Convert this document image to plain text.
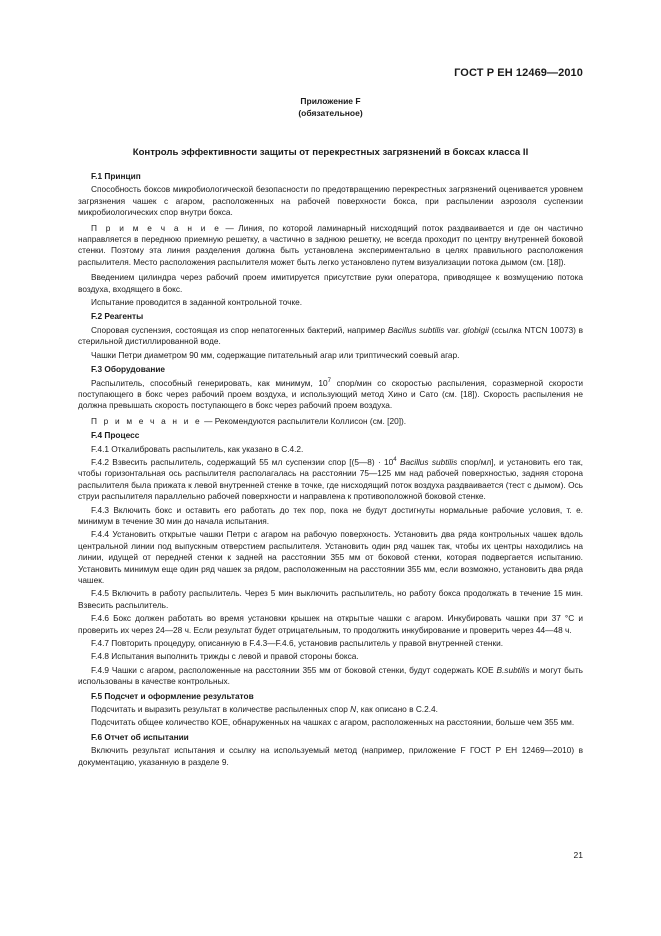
ГОСТ Р ЕН 12469—2010
Приложение F
(обязательное)
Контроль эффективности защиты от перекрестных загрязнений в боксах класса II
F.1 Принцип

Способность боксов микробиологической безопасности по предотвращению перекрестных загрязнений оценивается уровнем загрязнения чашек с агаром, расположенных на рабочей поверхности бокса, при распылении аэрозоля суспензии микробиологических спор внутри бокса.

П р и м е ч а н и е — Линия, по которой ламинарный нисходящий поток раздваивается и где он частично направляется в переднюю приемную решетку, а частично в заднюю решетку, не всегда проходит по центру внутренней боковой стенки. Поэтому эта линия разделения должна быть установлена экспериментально в целях правильного расположения распылителя. Место расположения распылителя может быть легко установлено путем визуализации потока дымом (см. [18]).

Введением цилиндра через рабочий проем имитируется присутствие руки оператора, приводящее к возмущению потока воздуха, входящего в бокс.

Испытание проводится в заданной контрольной точке.

F.2 Реагенты

Споровая суспензия, состоящая из спор непатогенных бактерий, например Bacillus subtilis var. globigii (ссылка NTCN 10073) в стерильной дистиллированной воде.

Чашки Петри диаметром 90 мм, содержащие питательный агар или триптический соевый агар.

F.3 Оборудование

Распылитель, способный генерировать, как минимум, $10^7$ спор/мин со скоростью распыления, соразмерной скорости поступающего в бокс через рабочий проем воздуха, и использующий метод Хино и Сато (см. [18]). Скорость распыления не должна превышать скорость поступающего в бокс через рабочий проем воздуха.

П р и м е ч а н и е — Рекомендуются распылители Коллисон (см. [20]).

F.4 Процесс

F.4.1 Откалибровать распылитель, как указано в С.4.2.

F.4.2 Взвесить распылитель, содержащий 55 мл суспензии спор [(5—8) · $10^4$ Bacillus subtilis спор/мл], и установить его так, чтобы горизонтальная ось распылителя располагалась на расстоянии 75—125 мм над рабочей поверхностью, задняя сторона распылителя была прижата к левой внутренней стенке в точке, где нисходящий поток воздуха раздваивается (тест с дымом). Ось струи распылителя параллельно рабочей поверхности и направлена к противоположной боковой стенке.

F.4.3 Включить бокс и оставить его работать до тех пор, пока не будут достигнуты нормальные рабочие условия, т. е. минимум в течение 30 мин до начала испытания.

F.4.4 Установить открытые чашки Петри с агаром на рабочую поверхность. Установить два ряда контрольных чашек вдоль центральной линии под выпускным отверстием распылителя. Установить один ряд чашек так, чтобы их центры находились на линии, идущей от передней стенки к задней на расстоянии 355 мм от боковой стенки, которая подвергается испытанию. Установить минимум еще один ряд чашек за рядом, расположенным на расстоянии 355 мм, если возможно, установить два ряда чашек.

F.4.5 Включить в работу распылитель. Через 5 мин выключить распылитель, но работу бокса продолжать в течение 15 мин. Взвесить распылитель.

F.4.6 Бокс должен работать во время установки крышек на открытые чашки с агаром. Инкубировать чашки при 37 °С и проверить их через 24—28 ч. Если результат будет отрицательным, то продолжить инкубирование и проверить через 44—48 ч.

F.4.7 Повторить процедуру, описанную в F.4.3—F.4.6, установив распылитель у правой внутренней стенки.

F.4.8 Испытания выполнить трижды с левой и правой стороны бокса.

F.4.9 Чашки с агаром, расположенные на расстоянии 355 мм от боковой стенки, будут содержать КОЕ B.subtilis и могут быть использованы в качестве контрольных.

F.5 Подсчет и оформление результатов

Подсчитать и выразить результат в количестве распыленных спор N, как описано в С.2.4.

Подсчитать общее количество КОЕ, обнаруженных на чашках с агаром, расположенных на расстоянии, больше чем 355 мм.

F.6 Отчет об испытании

Включить результат испытания и ссылку на используемый метод (например, приложение F ГОСТ Р ЕН 12469—2010) в документацию, указанную в разделе 9.

21
